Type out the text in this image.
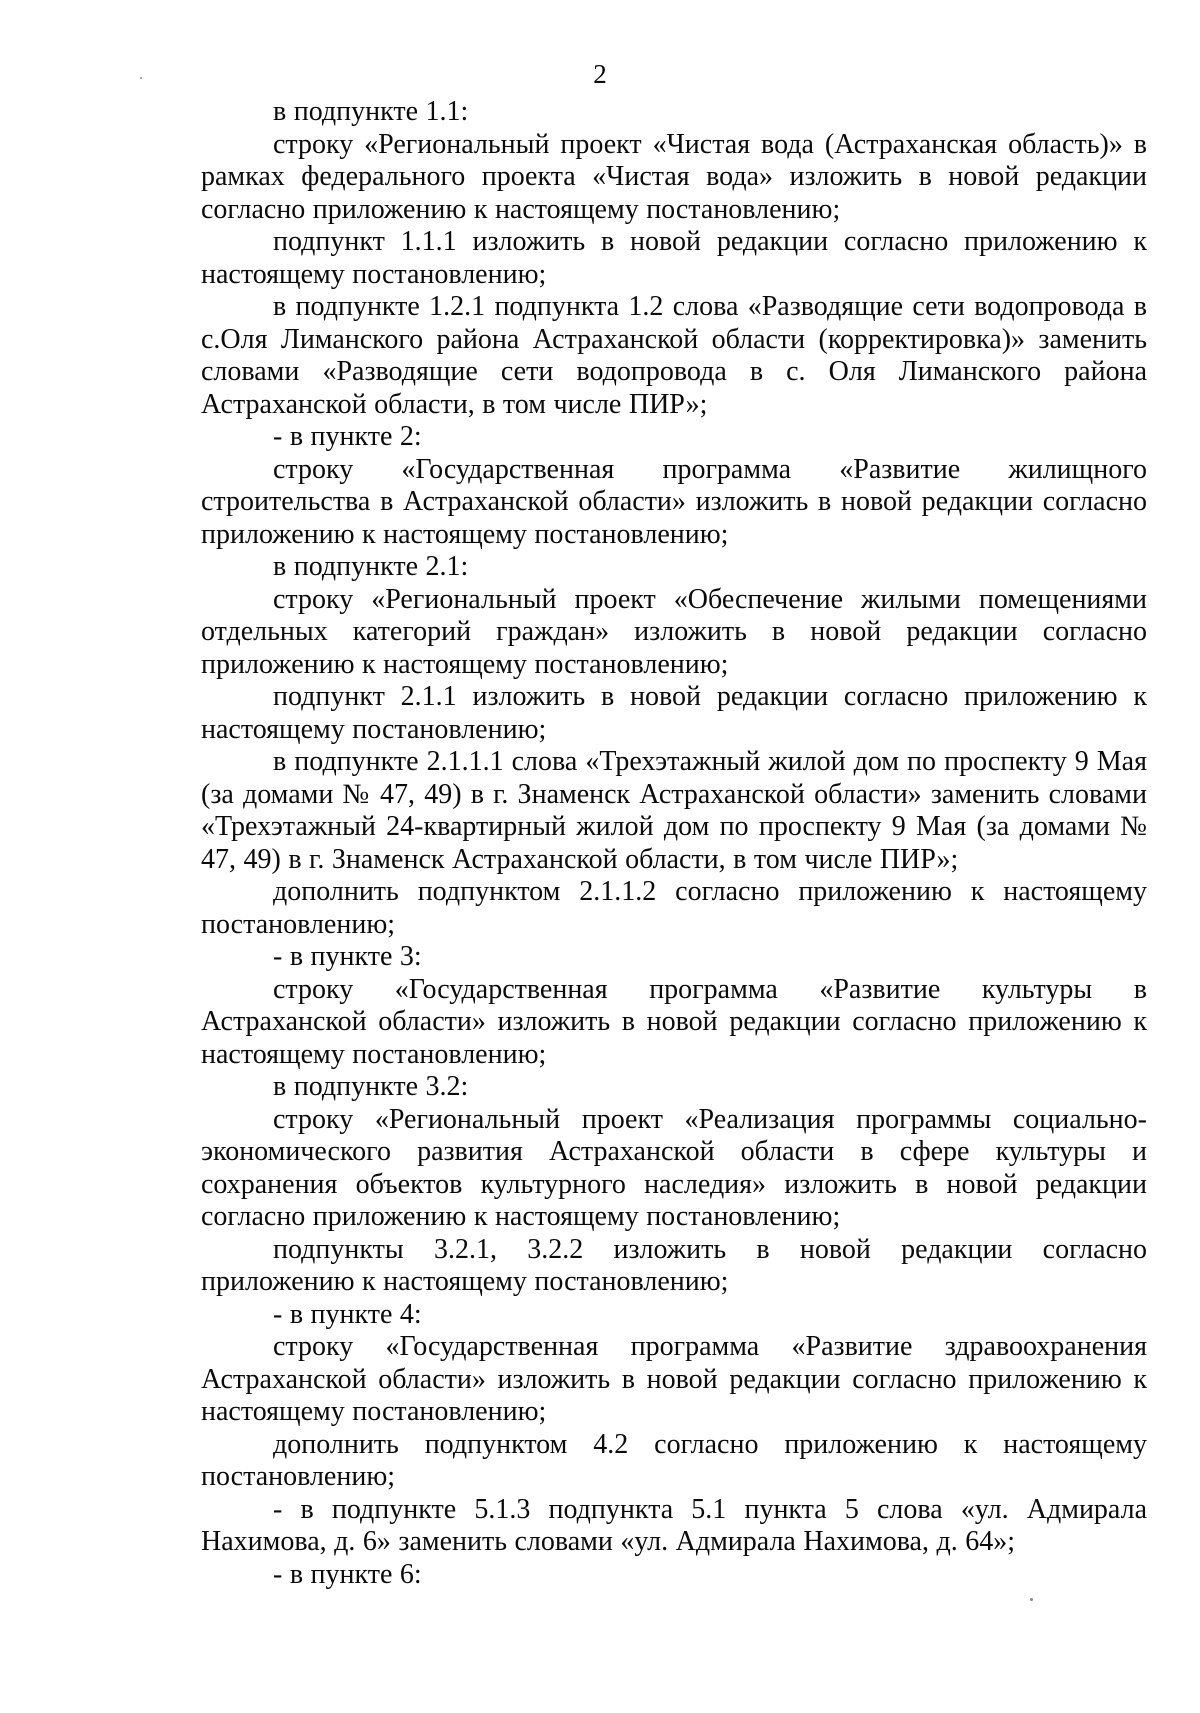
2

в подпункте 1.1:

строку «Региональный проект «Чистая вода (Астраханская область)» в рамках федерального проекта «Чистая вода» изложить в новой редакции согласно приложению к настоящему постановлению;

подпункт 1.1.1 изложить в новой редакции согласно приложению к настоящему постановлению;

в подпункте 1.2.1 подпункта 1.2 слова «Разводящие сети водопровода в с.Оля Лиманского района Астраханской области (корректировка)» заменить словами «Разводящие сети водопровода в с. Оля Лиманского района Астраханской области, в том числе ПИР»;

- в пункте 2:

строку «Государственная программа «Развитие жилищного строительства в Астраханской области» изложить в новой редакции согласно приложению к настоящему постановлению;

в подпункте 2.1:

строку «Региональный проект «Обеспечение жилыми помещениями отдельных категорий граждан» изложить в новой редакции согласно приложению к настоящему постановлению;

подпункт 2.1.1 изложить в новой редакции согласно приложению к настоящему постановлению;

в подпункте 2.1.1.1 слова «Трехэтажный жилой дом по проспекту 9 Мая (за домами № 47, 49) в г. Знаменск Астраханской области» заменить словами «Трехэтажный 24-квартирный жилой дом по проспекту 9 Мая (за домами № 47, 49) в г. Знаменск Астраханской области, в том числе ПИР»;

дополнить подпунктом 2.1.1.2 согласно приложению к настоящему постановлению;

- в пункте 3:

строку «Государственная программа «Развитие культуры в Астраханской области» изложить в новой редакции согласно приложению к настоящему постановлению;

в подпункте 3.2:

строку «Региональный проект «Реализация программы социально-экономического развития Астраханской области в сфере культуры и сохранения объектов культурного наследия» изложить в новой редакции согласно приложению к настоящему постановлению;

подпункты 3.2.1, 3.2.2 изложить в новой редакции согласно приложению к настоящему постановлению;

- в пункте 4:

строку «Государственная программа «Развитие здравоохранения Астраханской области» изложить в новой редакции согласно приложению к настоящему постановлению;

дополнить подпунктом 4.2 согласно приложению к настоящему постановлению;

- в подпункте 5.1.3 подпункта 5.1 пункта 5 слова «ул. Адмирала Нахимова, д. 6» заменить словами «ул. Адмирала Нахимова, д. 64»;

- в пункте 6:
